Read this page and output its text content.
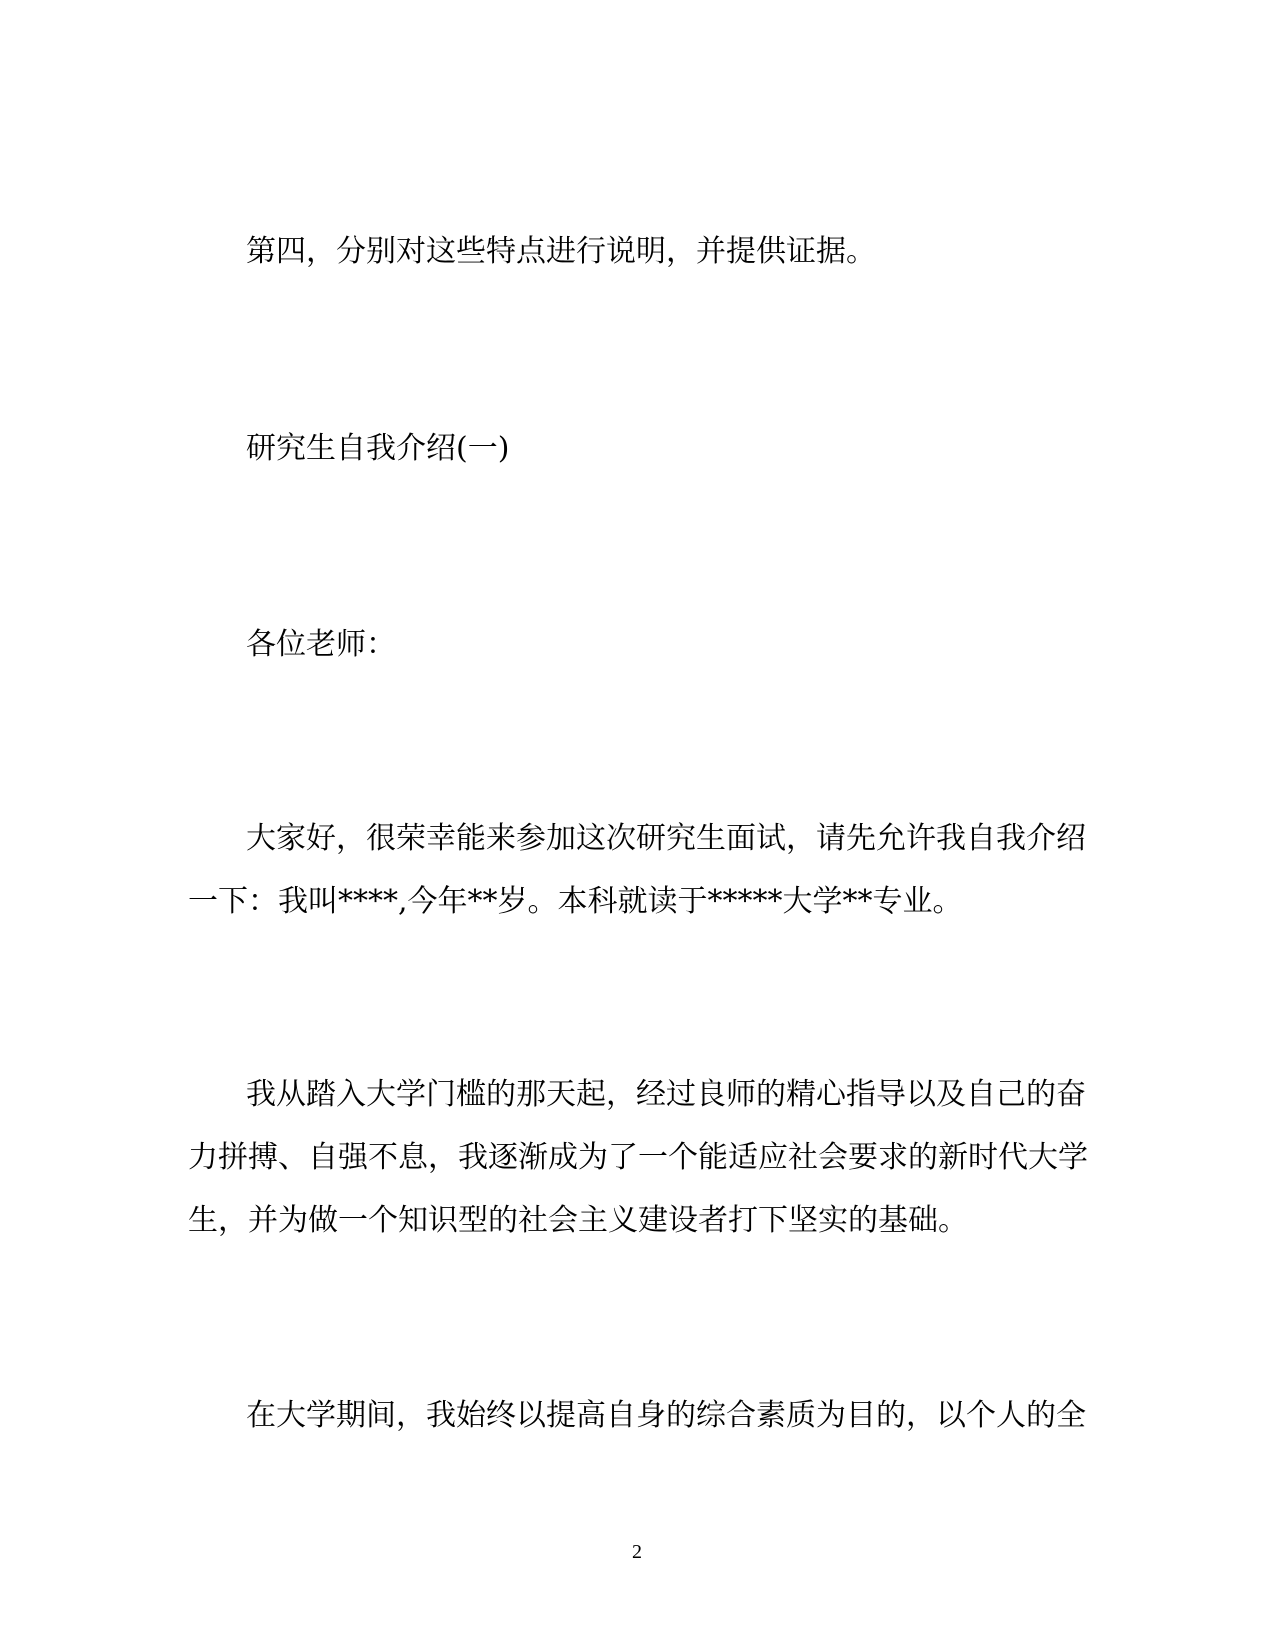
第四，分别对这些特点进行说明，并提供证据。

研究生自我介绍(一)

各位老师：

大家好，很荣幸能来参加这次研究生面试，请先允许我自我介绍

一下：我叫****,今年**岁。本科就读于*****大学**专业。

我从踏入大学门槛的那天起，经过良师的精心指导以及自己的奋

力拼搏、自强不息，我逐渐成为了一个能适应社会要求的新时代大学

生，并为做一个知识型的社会主义建设者打下坚实的基础。

在大学期间，我始终以提高自身的综合素质为目的，以个人的全

2
